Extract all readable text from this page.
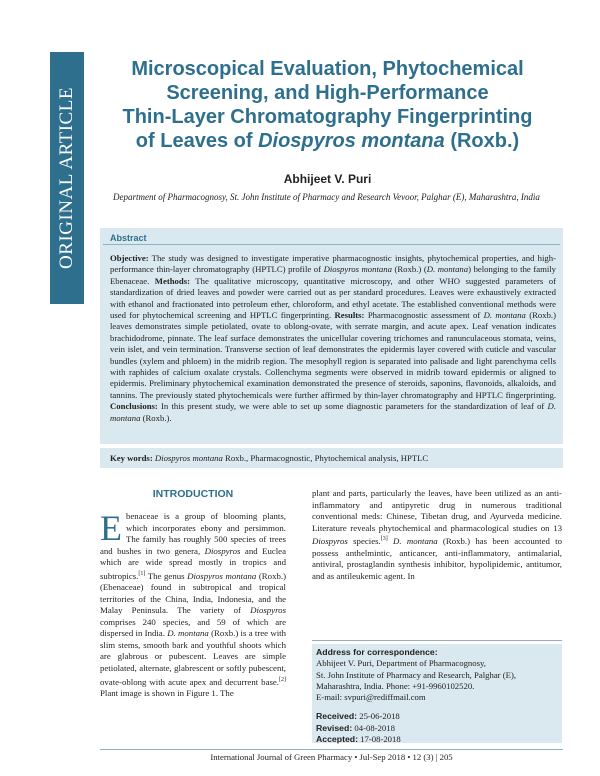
ORIGINAL ARTICLE
Microscopical Evaluation, Phytochemical
Screening, and High-Performance
Thin-Layer Chromatography Fingerprinting
of Leaves of Diospyros montana (Roxb.)
Abhijeet V. Puri
Department of Pharmacognosy, St. John Institute of Pharmacy and Research Vevoor, Palghar (E), Maharashtra, India
Abstract

Objective: The study was designed to investigate imperative pharmacognostic insights, phytochemical properties, and high-performance thin-layer chromatography (HPTLC) profile of Diospyros montana (Roxb.) (D. montana) belonging to the family Ebenaceae. Methods: The qualitative microscopy, quantitative microscopy, and other WHO suggested parameters of standardization of dried leaves and powder were carried out as per standard procedures. Leaves were exhaustively extracted with ethanol and fractionated into petroleum ether, chloroform, and ethyl acetate. The established conventional methods were used for phytochemical screening and HPTLC fingerprinting. Results: Pharmacognostic assessment of D. montana (Roxb.) leaves demonstrates simple petiolated, ovate to oblong-ovate, with serrate margin, and acute apex. Leaf venation indicates brachidodrome, pinnate. The leaf surface demonstrates the unicellular covering trichomes and ranunculaceous stomata, veins, vein islet, and vein termination. Transverse section of leaf demonstrates the epidermis layer covered with cuticle and vascular bundles (xylem and phloem) in the midrib region. The mesophyll region is separated into palisade and light parenchyma cells with raphides of calcium oxalate crystals. Collenchyma segments were observed in midrib toward epidermis or aligned to epidermis. Preliminary phytochemical examination demonstrated the presence of steroids, saponins, flavonoids, alkaloids, and tannins. The previously stated phytochemicals were further affirmed by thin-layer chromatography and HPTLC fingerprinting. Conclusions: In this present study, we were able to set up some diagnostic parameters for the standardization of leaf of D. montana (Roxb.).

Key words: Diospyros montana Roxb., Pharmacognostic, Phytochemical analysis, HPTLC
INTRODUCTION

Ebenaceae is a group of blooming plants, which incorporates ebony and persimmon. The family has roughly 500 species of trees and bushes in two genera, Diospyros and Euclea which are wide spread mostly in tropics and subtropics.[1] The genus Diospyros montana (Roxb.) (Ebenaceae) found in subtropical and tropical territories of the China, India, Indonesia, and the Malay Peninsula. The variety of Diospyros comprises 240 species, and 59 of which are dispersed in India. D. montana (Roxb.) is a tree with slim stems, smooth bark and youthful shoots which are glabrous or pubescent. Leaves are simple petiolated, alternate, glabrescent or softly pubescent, ovate-oblong with acute apex and decurrent base.[2] Plant image is shown in Figure 1. The

plant and parts, particularly the leaves, have been utilized as an anti-inflammatory and antipyretic drug in numerous traditional conventional meds: Chinese, Tibetan drug, and Ayurveda medicine. Literature reveals phytochemical and pharmacological studies on 13 Diospyros species.[3] D. montana (Roxb.) has been accounted to possess anthelmintic, anticancer, anti-inflammatory, antimalarial, antiviral, prostaglandin synthesis inhibitor, hypolipidemic, antitumor, and as antileukemic agent. In

Address for correspondence:

Abhijeet V. Puri, Department of Pharmacognosy,

St. John Institute of Pharmacy and Research, Palghar (E),

Maharashtra, India. Phone: +91-9960102520.

E-mail: svpuri@rediffmail.com

Received: 25-06-2018

Revised: 04-08-2018

Accepted: 17-08-2018

International Journal of Green Pharmacy • Jul-Sep 2018 • 12 (3) | 205
